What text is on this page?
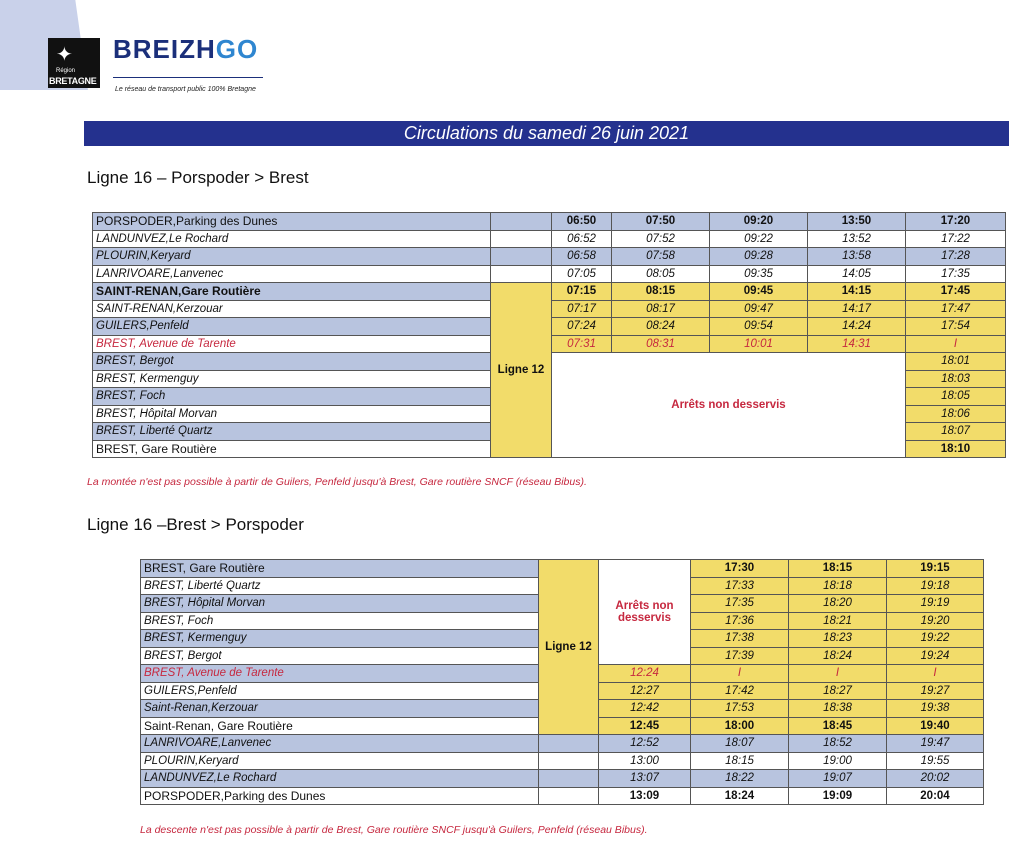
✦
Région
BRETAGNE
BREIZHGO
Le réseau de transport public 100% Bretagne
Circulations du samedi 26 juin 2021
Ligne 16 – Porspoder > Brest
PORSPODER,Parking des Dunes		06:50	07:50	09:20	13:50	17:20
LANDUNVEZ,Le Rochard		06:52	07:52	09:22	13:52	17:22
PLOURIN,Keryard		06:58	07:58	09:28	13:58	17:28
LANRIVOARE,Lanvenec		07:05	08:05	09:35	14:05	17:35
SAINT-RENAN,Gare Routière	Ligne 12	07:15	08:15	09:45	14:15	17:45
SAINT-RENAN,Kerzouar		07:17	08:17	09:47	14:17	17:47
GUILERS,Penfeld		07:24	08:24	09:54	14:24	17:54
BREST, Avenue de Tarente		07:31	08:31	10:01	14:31	I
BREST, Bergot		Arrêts non desservis				18:01
BREST, Kermenguy						18:03
BREST, Foch						18:05
BREST, Hôpital Morvan						18:06
BREST, Liberté Quartz						18:07
BREST, Gare Routière						18:10
La montée n'est pas possible à partir de Guilers, Penfeld jusqu'à Brest, Gare routière SNCF (réseau Bibus).
Ligne 16 –Brest > Porspoder
BREST, Gare Routière	Ligne 12	Arrêts non desservis	17:30	18:15	19:15
BREST, Liberté Quartz			17:33	18:18	19:18
BREST, Hôpital Morvan			17:35	18:20	19:19
BREST, Foch			17:36	18:21	19:20
BREST, Kermenguy			17:38	18:23	19:22
BREST, Bergot			17:39	18:24	19:24
BREST, Avenue de Tarente		12:24	I	I	I
GUILERS,Penfeld		12:27	17:42	18:27	19:27
Saint-Renan,Kerzouar		12:42	17:53	18:38	19:38
Saint-Renan, Gare Routière		12:45	18:00	18:45	19:40
LANRIVOARE,Lanvenec		12:52	18:07	18:52	19:47
PLOURIN,Keryard		13:00	18:15	19:00	19:55
LANDUNVEZ,Le Rochard		13:07	18:22	19:07	20:02
PORSPODER,Parking des Dunes		13:09	18:24	19:09	20:04
La descente n'est pas possible à partir de Brest, Gare routière SNCF jusqu'à Guilers, Penfeld (réseau Bibus).
